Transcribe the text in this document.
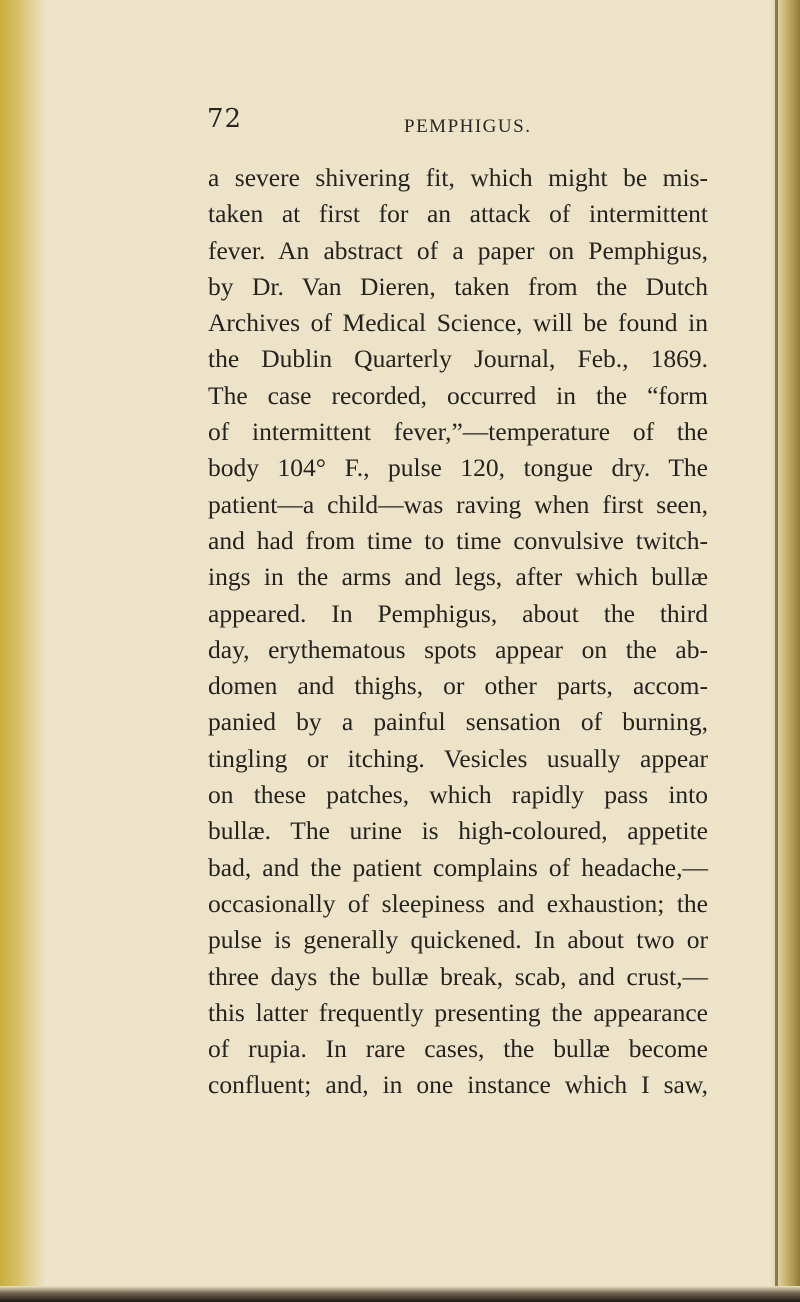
72	PEMPHIGUS.
a severe shivering fit, which might be mis-
taken at first for an attack of intermittent
fever. An abstract of a paper on Pemphigus,
by Dr. Van Dieren, taken from the Dutch
Archives of Medical Science, will be found in
the Dublin Quarterly Journal, Feb., 1869.
The case recorded, occurred in the “form
of intermittent fever,”—temperature of the
body 104° F., pulse 120, tongue dry. The
patient—a child—was raving when first seen,
and had from time to time convulsive twitch-
ings in the arms and legs, after which bullæ
appeared. In Pemphigus, about the third
day, erythematous spots appear on the ab-
domen and thighs, or other parts, accom-
panied by a painful sensation of burning,
tingling or itching. Vesicles usually appear
on these patches, which rapidly pass into
bullæ. The urine is high-coloured, appetite
bad, and the patient complains of headache,—
occasionally of sleepiness and exhaustion; the
pulse is generally quickened. In about two or
three days the bullæ break, scab, and crust,—
this latter frequently presenting the appearance
of rupia. In rare cases, the bullæ become
confluent; and, in one instance which I saw,
